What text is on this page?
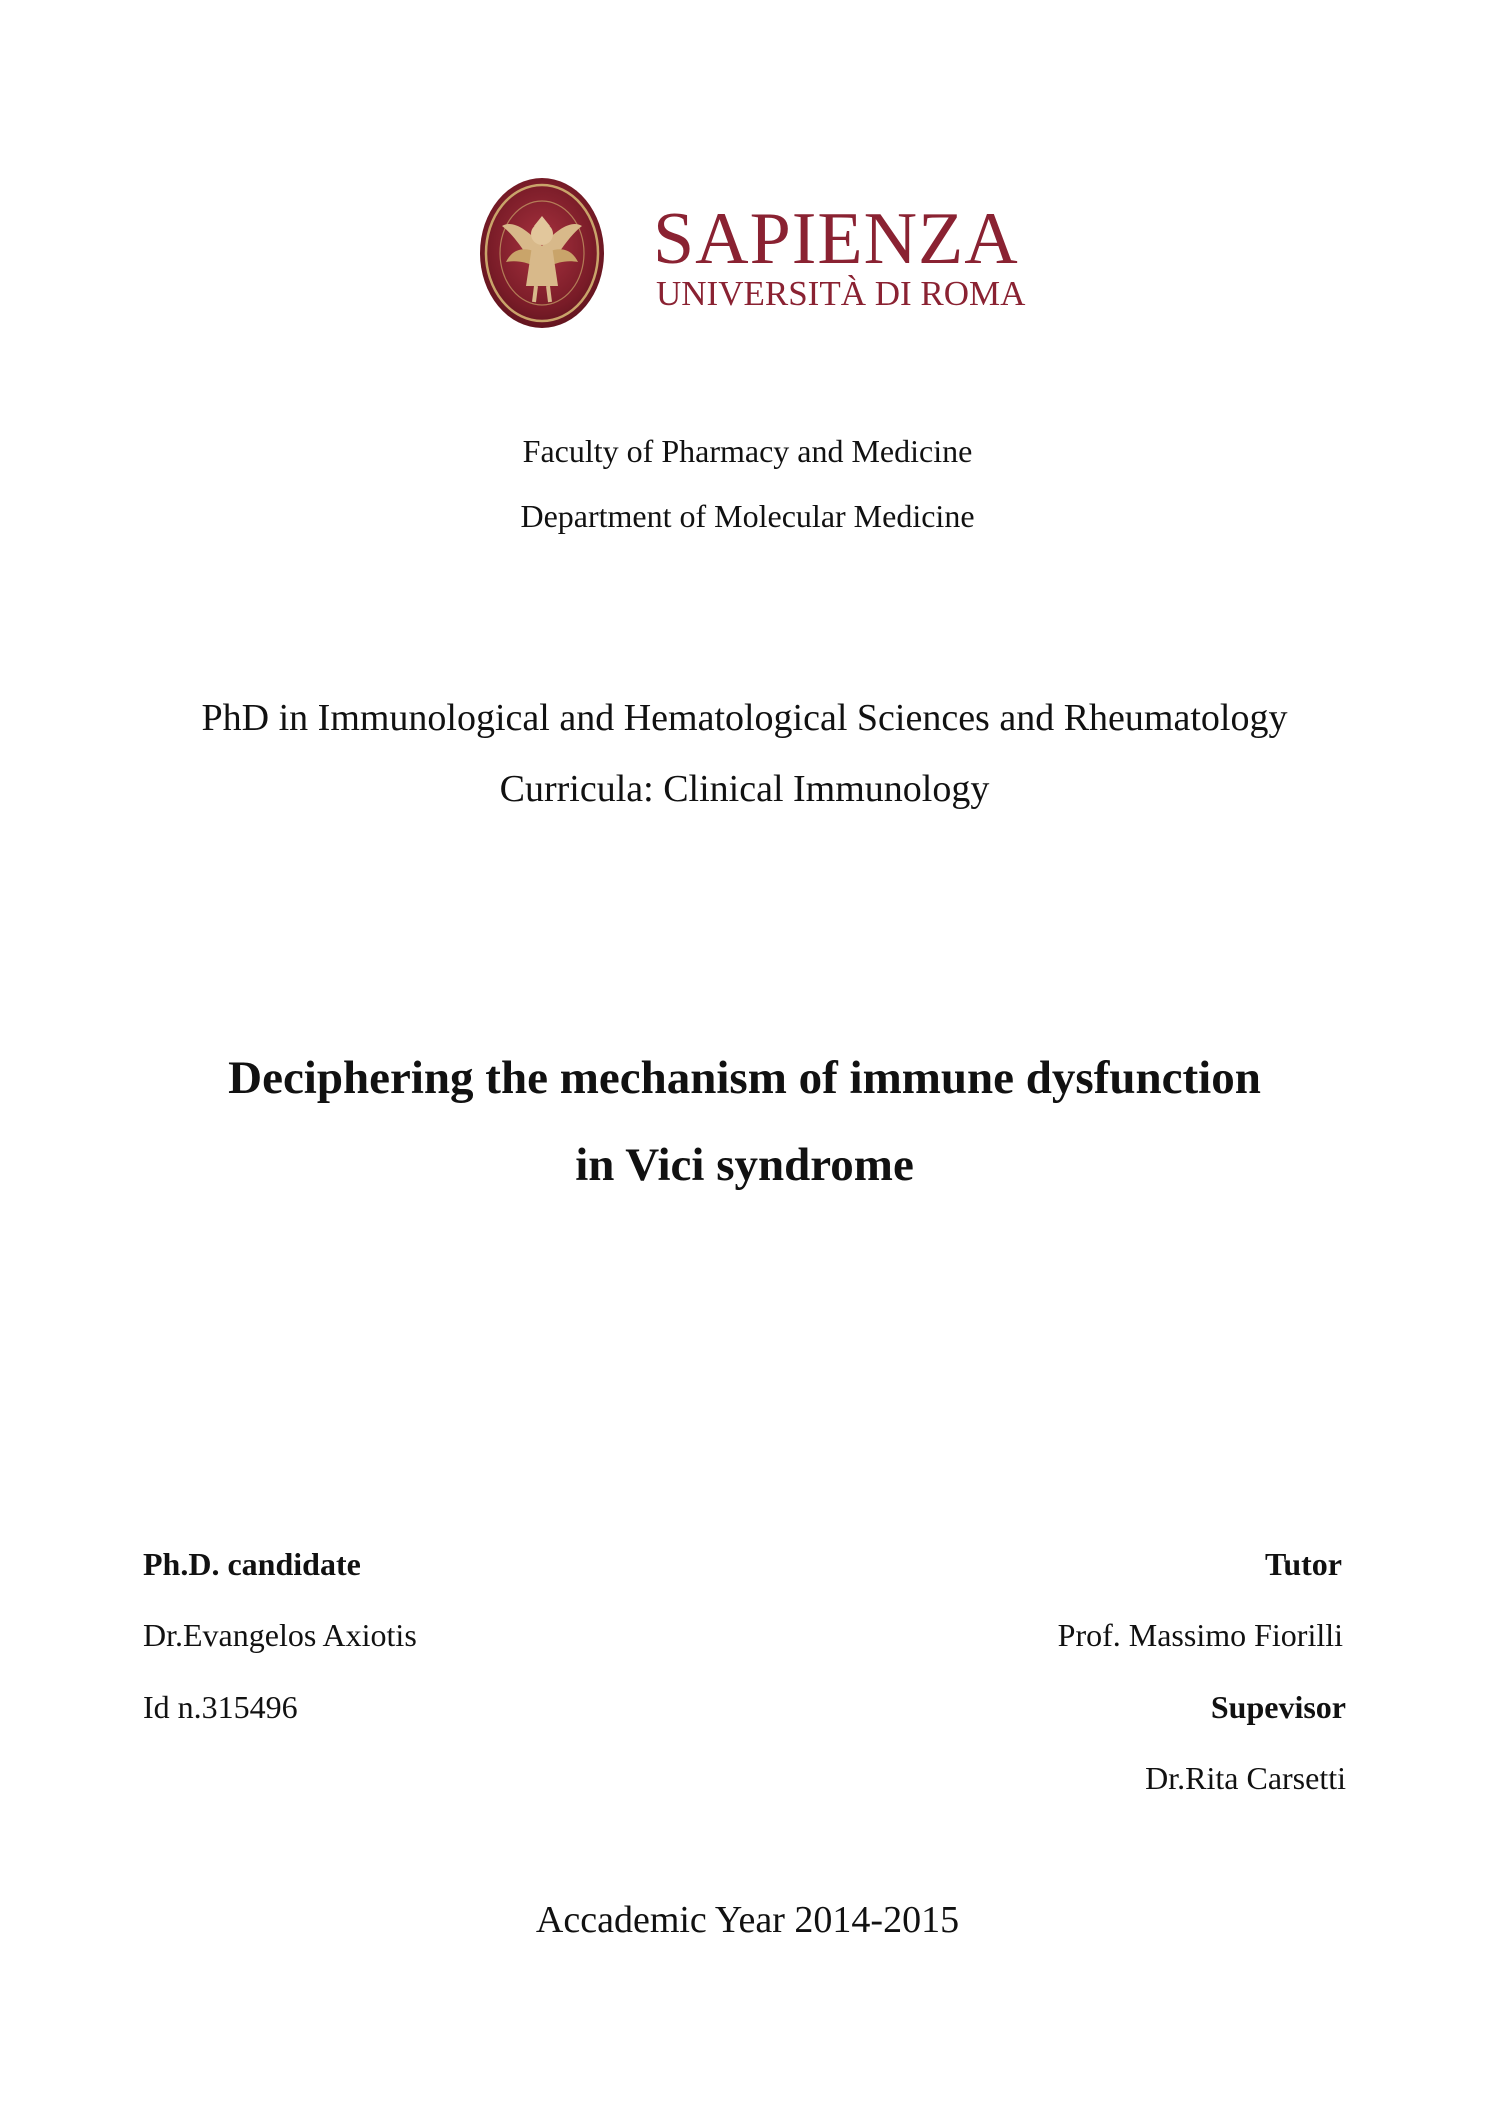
SAPIENZA
UNIVERSITÀ DI ROMA
Faculty of Pharmacy and Medicine
Department of Molecular Medicine
PhD in Immunological and Hematological Sciences and Rheumatology
Curricula: Clinical Immunology
Deciphering the mechanism of immune dysfunction
in Vici syndrome
Ph.D. candidate
Dr.Evangelos Axiotis
Id n.315496
Tutor
Prof. Massimo Fiorilli
Supevisor
Dr.Rita Carsetti
Accademic Year 2014-2015
